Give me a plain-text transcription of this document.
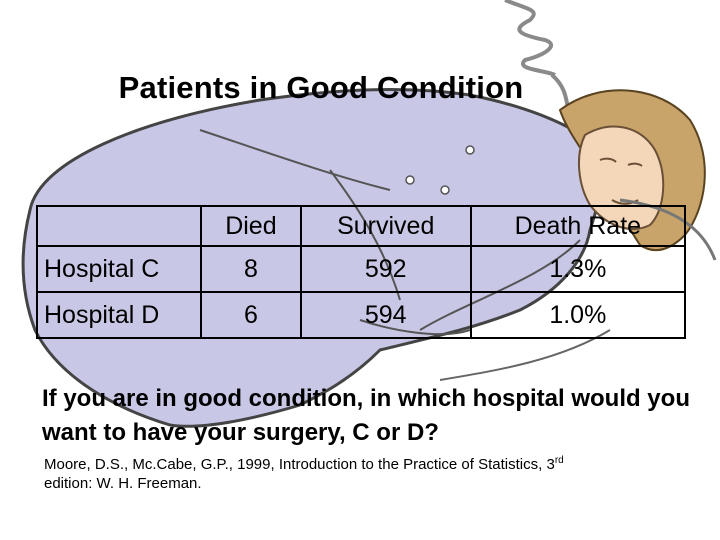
Patients in Good Condition
	Died	Survived	Death Rate
Hospital C	8	592	1.3%
Hospital D	6	594	1.0%
If you are in good condition, in which hospital would you want to have your surgery, C or D?
Moore, D.S., Mc.Cabe, G.P., 1999, Introduction to the Practice of Statistics, 3rd
edition: W. H. Freeman.
